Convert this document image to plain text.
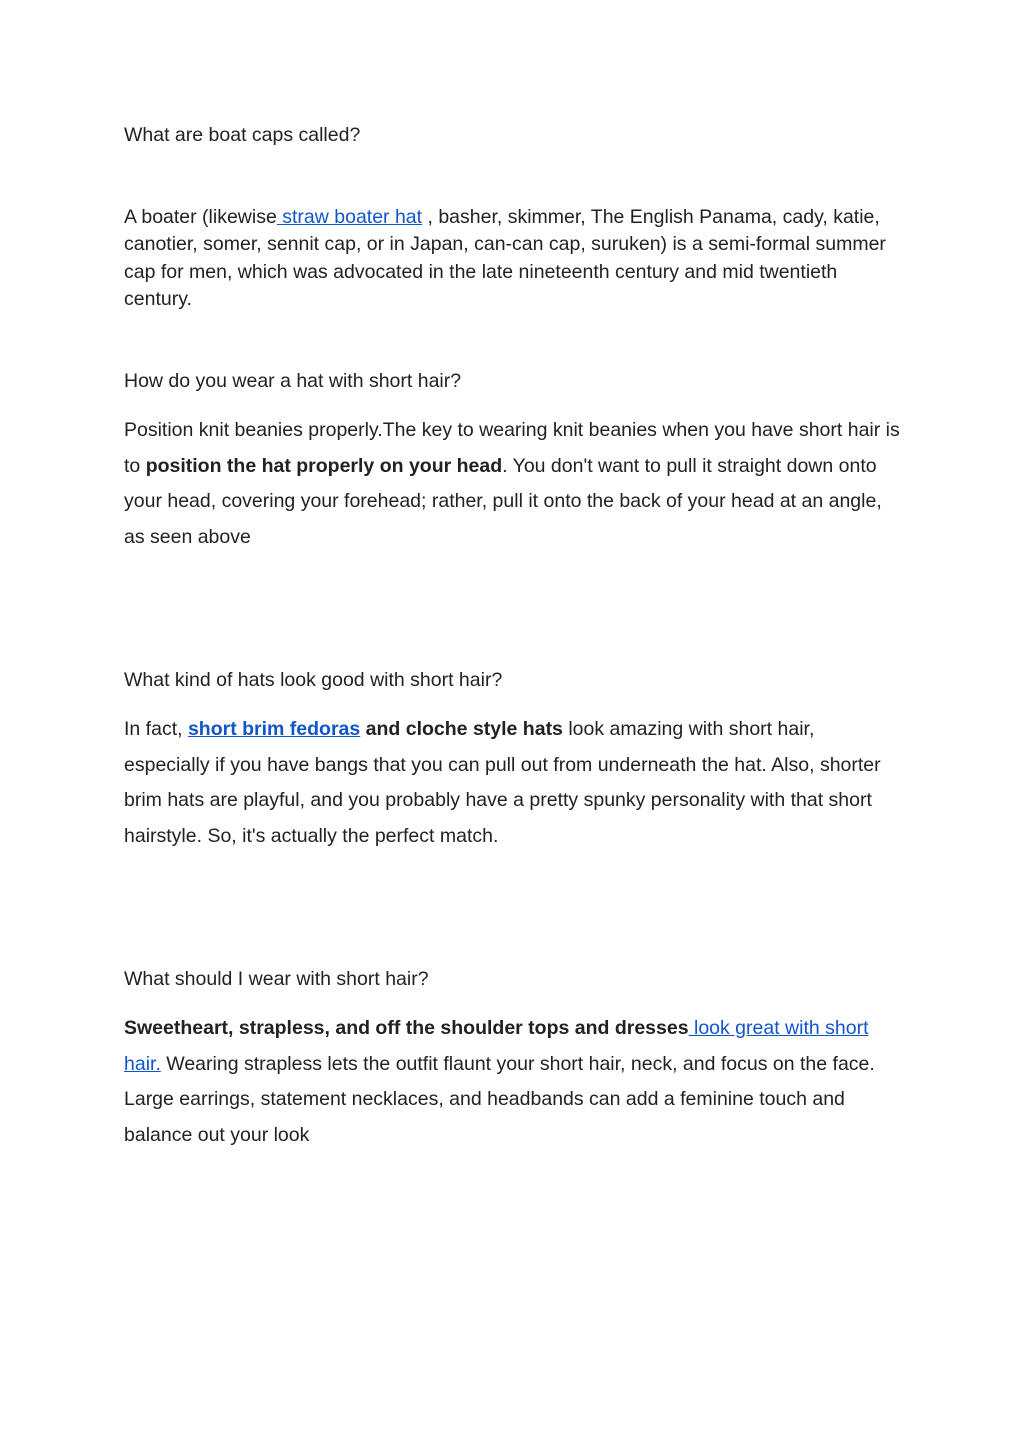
What are boat caps called?

A boater (likewise straw boater hat , basher, skimmer, The English Panama, cady, katie, canotier, somer, sennit cap, or in Japan, can-can cap, suruken) is a semi-formal summer cap for men, which was advocated in the late nineteenth century and mid twentieth century.

How do you wear a hat with short hair?

Position knit beanies properly.The key to wearing knit beanies when you have short hair is to position the hat properly on your head. You don't want to pull it straight down onto your head, covering your forehead; rather, pull it onto the back of your head at an angle, as seen above

What kind of hats look good with short hair?

In fact, short brim fedoras and cloche style hats look amazing with short hair, especially if you have bangs that you can pull out from underneath the hat. Also, shorter brim hats are playful, and you probably have a pretty spunky personality with that short hairstyle. So, it's actually the perfect match.

What should I wear with short hair?

Sweetheart, strapless, and off the shoulder tops and dresses look great with short hair. Wearing strapless lets the outfit flaunt your short hair, neck, and focus on the face. Large earrings, statement necklaces, and headbands can add a feminine touch and balance out your look
